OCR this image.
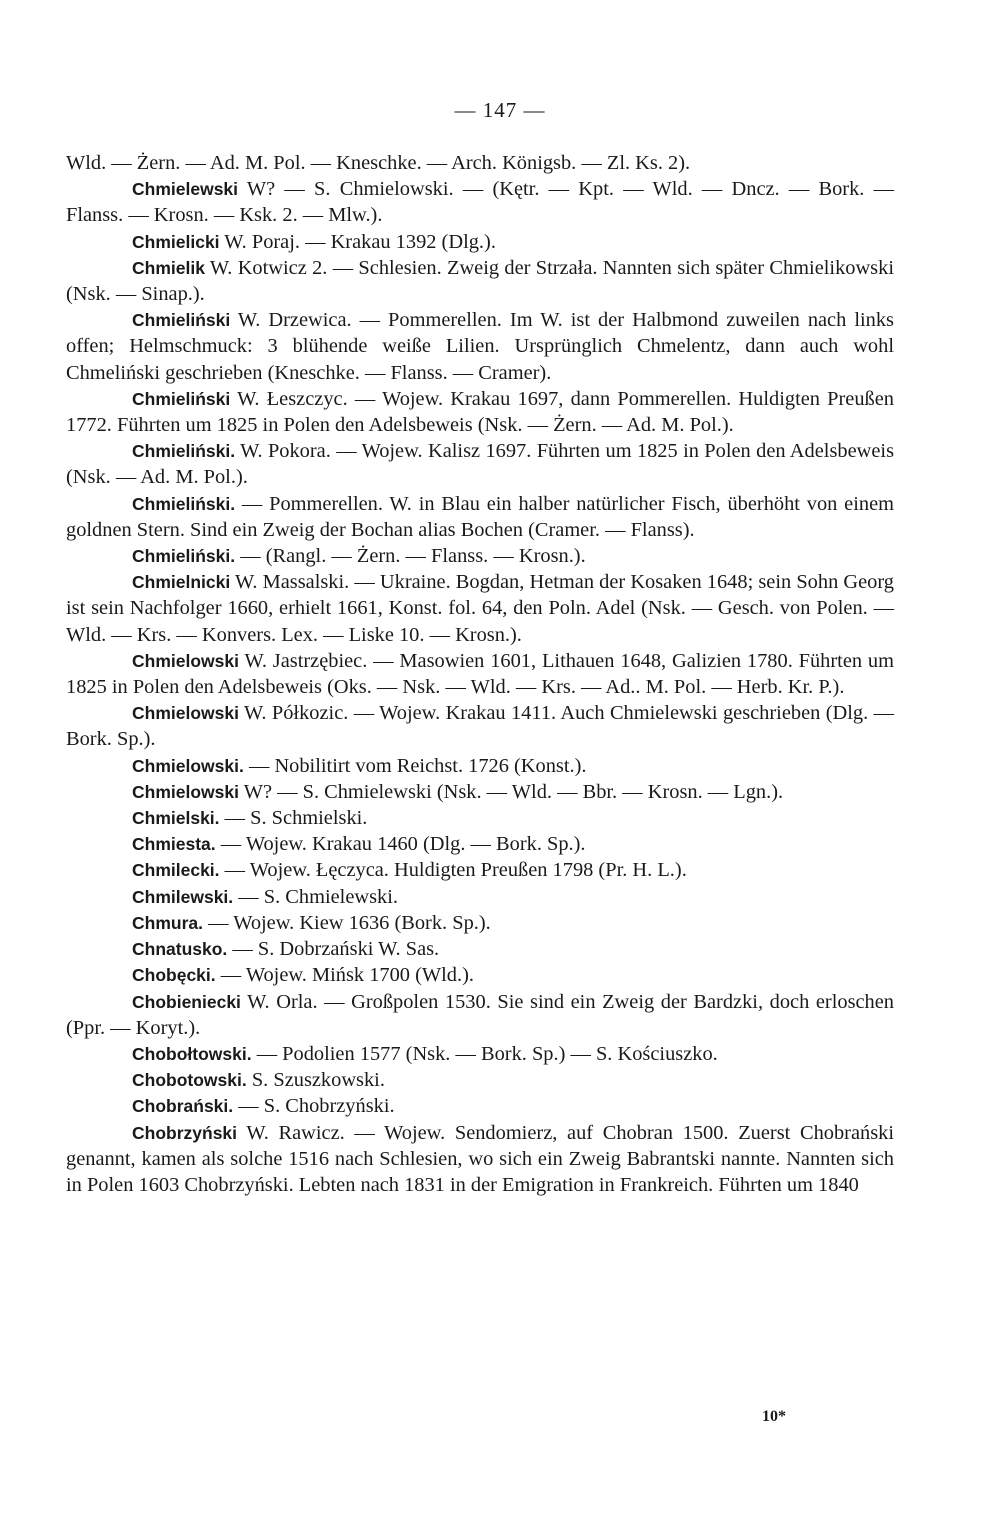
— 147 —

Wld. — Żern. — Ad. M. Pol. — Kneschke. — Arch. Königsb. — Zl. Ks. 2).

Chmielewski W? — S. Chmielowski. — (Kętr. — Kpt. — Wld. — Dncz. — Bork. — Flanss. — Krosn. — Ksk. 2. — Mlw.).

Chmielicki W. Poraj. — Krakau 1392 (Dlg.).

Chmielik W. Kotwicz 2. — Schlesien. Zweig der Strzała. Nannten sich später Chmielikowski (Nsk. — Sinap.).

Chmieliński W. Drzewica. — Pommerellen. Im W. ist der Halbmond zuweilen nach links offen; Helmschmuck: 3 blühende weiße Lilien. Ursprünglich Chmelentz, dann auch wohl Chmeliński geschrieben (Kneschke. — Flanss. — Cramer).

Chmieliński W. Łeszczyc. — Wojew. Krakau 1697, dann Pommerellen. Huldigten Preußen 1772. Führten um 1825 in Polen den Adelsbeweis (Nsk. — Żern. — Ad. M. Pol.).

Chmieliński. W. Pokora. — Wojew. Kalisz 1697. Führten um 1825 in Polen den Adelsbeweis (Nsk. — Ad. M. Pol.).

Chmieliński. — Pommerellen. W. in Blau ein halber natürlicher Fisch, überhöht von einem goldnen Stern. Sind ein Zweig der Bochan alias Bochen (Cramer. — Flanss).

Chmieliński. — (Rangl. — Żern. — Flanss. — Krosn.).

Chmielnicki W. Massalski. — Ukraine. Bogdan, Hetman der Kosaken 1648; sein Sohn Georg ist sein Nachfolger 1660, erhielt 1661, Konst. fol. 64, den Poln. Adel (Nsk. — Gesch. von Polen. — Wld. — Krs. — Konvers. Lex. — Liske 10. — Krosn.).

Chmielowski W. Jastrzębiec. — Masowien 1601, Lithauen 1648, Galizien 1780. Führten um 1825 in Polen den Adelsbeweis (Oks. — Nsk. — Wld. — Krs. — Ad.. M. Pol. — Herb. Kr. P.).

Chmielowski W. Półkozic. — Wojew. Krakau 1411. Auch Chmielewski geschrieben (Dlg. — Bork. Sp.).

Chmielowski. — Nobilitirt vom Reichst. 1726 (Konst.).

Chmielowski W? — S. Chmielewski (Nsk. — Wld. — Bbr. — Krosn. — Lgn.).

Chmielski. — S. Schmielski.

Chmiesta. — Wojew. Krakau 1460 (Dlg. — Bork. Sp.).

Chmilecki. — Wojew. Łęczyca. Huldigten Preußen 1798 (Pr. H. L.).

Chmilewski. — S. Chmielewski.

Chmura. — Wojew. Kiew 1636 (Bork. Sp.).

Chnatusko. — S. Dobrzański W. Sas.

Chobęcki. — Wojew. Mińsk 1700 (Wld.).

Chobieniecki W. Orla. — Großpolen 1530. Sie sind ein Zweig der Bardzki, doch erloschen (Ppr. — Koryt.).

Chobołtowski. — Podolien 1577 (Nsk. — Bork. Sp.) — S. Kościuszko.

Chobotowski. S. Szuszkowski.

Chobrański. — S. Chobrzyński.

Chobrzyński W. Rawicz. — Wojew. Sendomierz, auf Chobran 1500. Zuerst Chobrański genannt, kamen als solche 1516 nach Schlesien, wo sich ein Zweig Babrantski nannte. Nannten sich in Polen 1603 Chobrzyński. Lebten nach 1831 in der Emigration in Frankreich. Führten um 1840

10*
